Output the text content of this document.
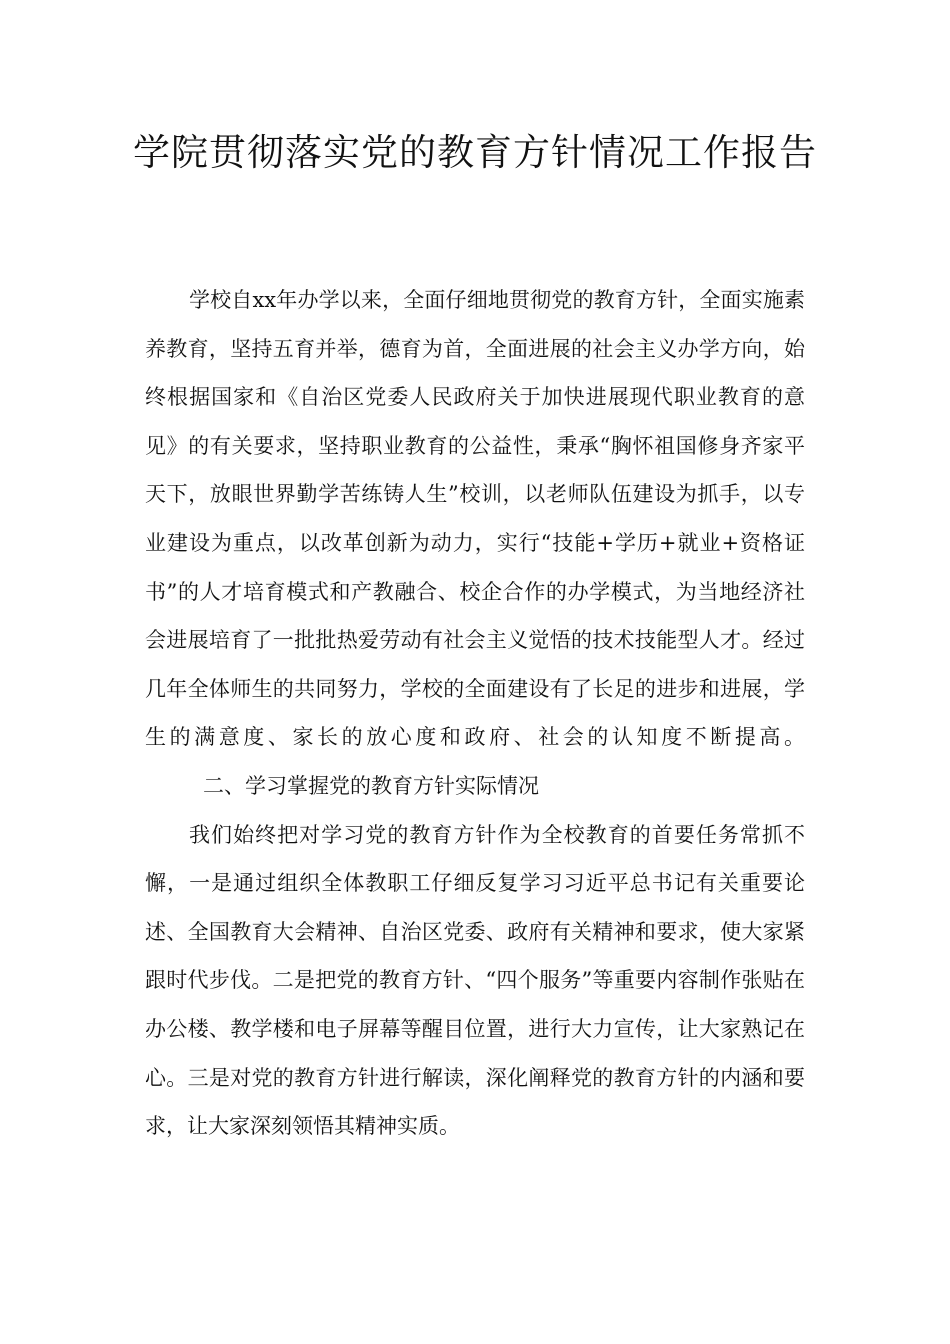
学院贯彻落实党的教育方针情况工作报告

学校自xx年办学以来，全面仔细地贯彻党的教育方针，全面实施素养教育，坚持五育并举，德育为首，全面进展的社会主义办学方向，始终根据国家和《自治区党委人民政府关于加快进展现代职业教育的意见》的有关要求，坚持职业教育的公益性，秉承“胸怀祖国修身齐家平天下，放眼世界勤学苦练铸人生”校训，以老师队伍建设为抓手，以专业建设为重点，以改革创新为动力，实行“技能+学历+就业+资格证书”的人才培育模式和产教融合、校企合作的办学模式，为当地经济社会进展培育了一批批热爱劳动有社会主义觉悟的技术技能型人才。经过几年全体师生的共同努力，学校的全面建设有了长足的进步和进展，学生的满意度、家长的放心度和政府、社会的认知度不断提高。二、学习掌握党的教育方针实际情况

我们始终把对学习党的教育方针作为全校教育的首要任务常抓不懈，一是通过组织全体教职工仔细反复学习习近平总书记有关重要论述、全国教育大会精神、自治区党委、政府有关精神和要求，使大家紧跟时代步伐。二是把党的教育方针、“四个服务”等重要内容制作张贴在办公楼、教学楼和电子屏幕等醒目位置，进行大力宣传，让大家熟记在心。三是对党的教育方针进行解读，深化阐释党的教育方针的内涵和要求，让大家深刻领悟其精神实质。
